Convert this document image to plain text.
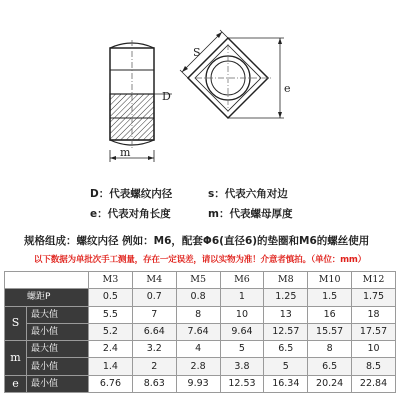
D
m
S
e
D：代表螺纹内径	s：代表六角对边
e：代表对角长度	m：代表螺母厚度
规格组成：螺纹内径 例如：M6，配套Φ6(直径6)的垫圈和M6的螺丝使用
以下数据为单批次手工测量，存在一定误差，请以实物为准！介意者慎拍。（单位：mm）
螺纹规格D		M3	M4	M5	M6	M8	M10	M12
螺距P		0.5	0.7	0.8	1	1.25	1.5	1.75
S	最大值	5.5	7	8	10	13	16	18
	最小值	5.2	6.64	7.64	9.64	12.57	15.57	17.57
m	最大值	2.4	3.2	4	5	6.5	8	10
	最小值	1.4	2	2.8	3.8	5	6.5	8.5
e	最小值	6.76	8.63	9.93	12.53	16.34	20.24	22.84
